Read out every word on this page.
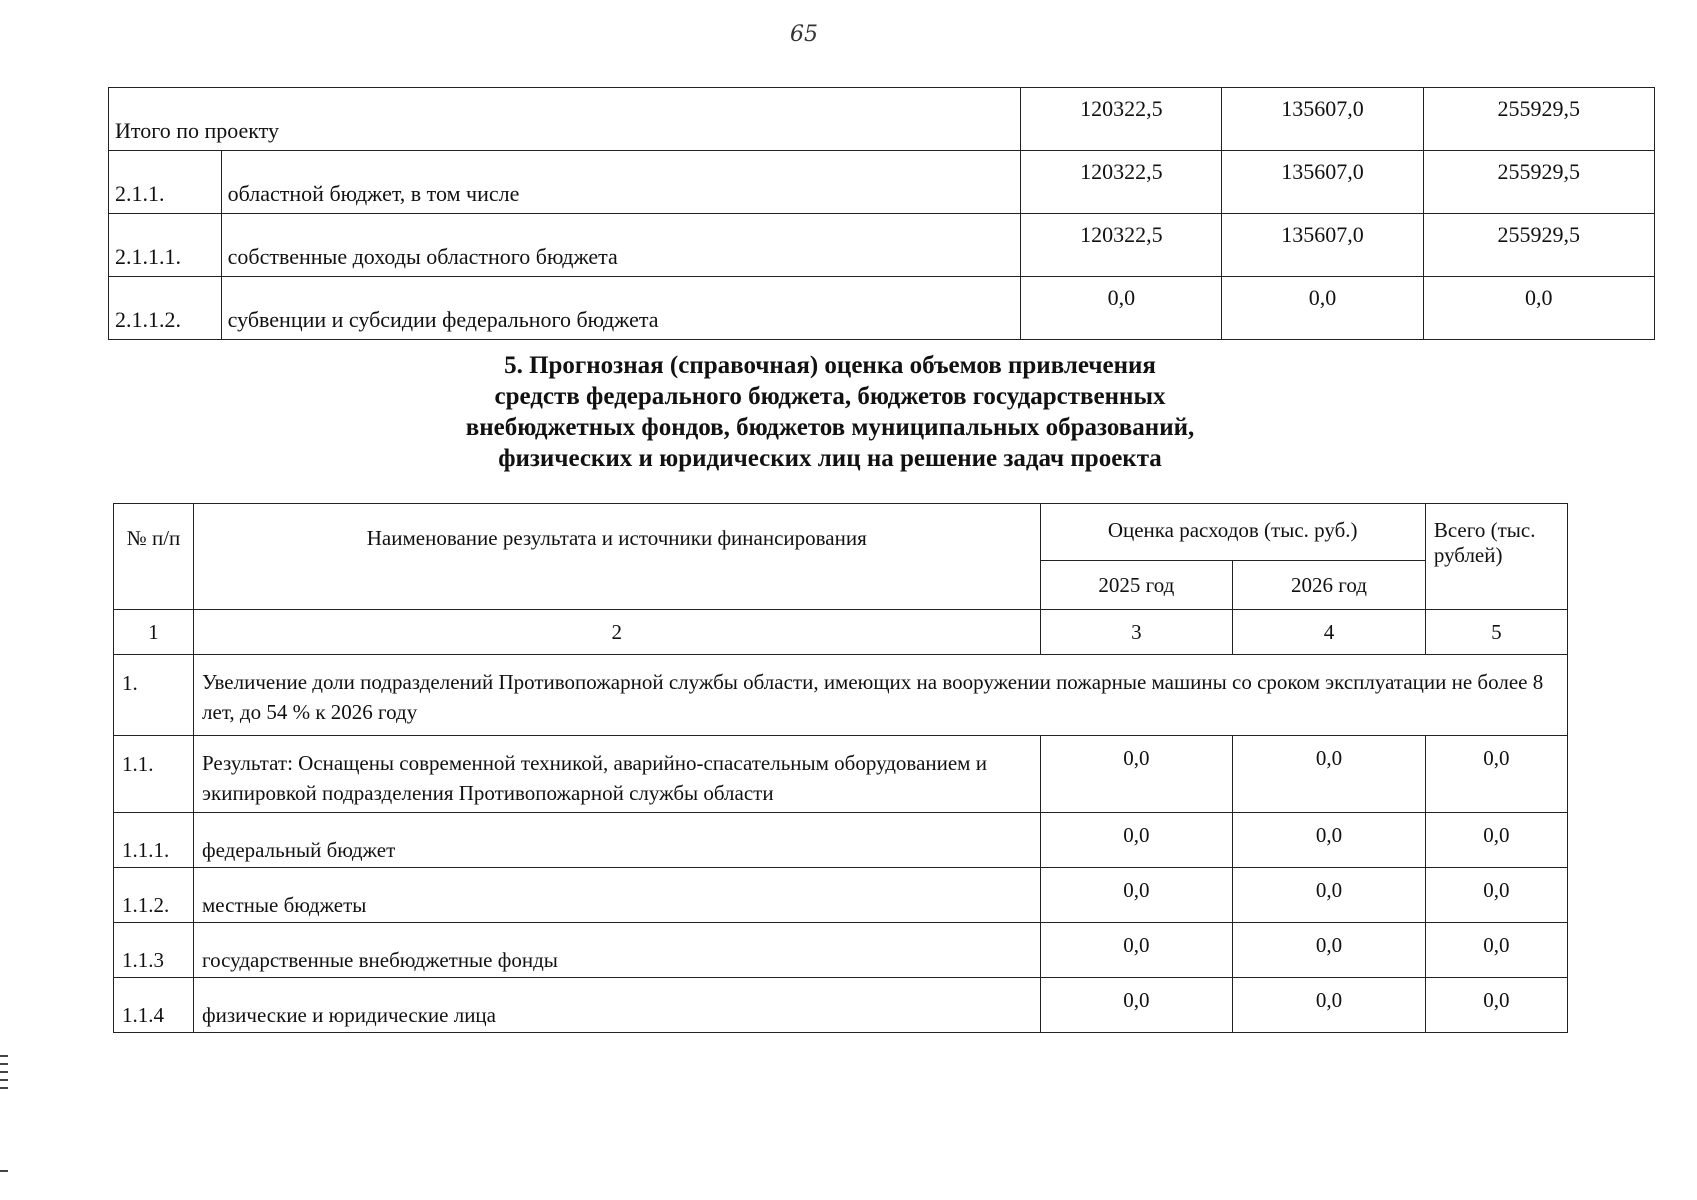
65
Итого по проекту		120322,5	135607,0	255929,5
2.1.1.	областной бюджет, в том числе	120322,5	135607,0	255929,5
2.1.1.1.	собственные доходы областного бюджета	120322,5	135607,0	255929,5
2.1.1.2.	субвенции и субсидии федерального бюджета	0,0	0,0	0,0
5. Прогнозная (справочная) оценка объемов привлечения
средств федерального бюджета, бюджетов государственных
внебюджетных фондов, бюджетов муниципальных образований,
физических и юридических лиц на решение задач проекта
№ п/п	Наименование результата и источники финансирования	Оценка расходов (тыс. руб.)		Всего (тыс. рублей)
		2025 год	2026 год	
1	2	3	4	5
1.	Увеличение доли подразделений Противопожарной службы области, имеющих на вооружении пожарные машины со сроком эксплуатации не более 8 лет, до 54 % к 2026 году			
1.1.	Результат: Оснащены современной техникой, аварийно-спасательным оборудованием и экипировкой подразделения Противопожарной службы области	0,0	0,0	0,0
1.1.1.	федеральный бюджет	0,0	0,0	0,0
1.1.2.	местные бюджеты	0,0	0,0	0,0
1.1.3	государственные внебюджетные фонды	0,0	0,0	0,0
1.1.4	физические и юридические лица	0,0	0,0	0,0
